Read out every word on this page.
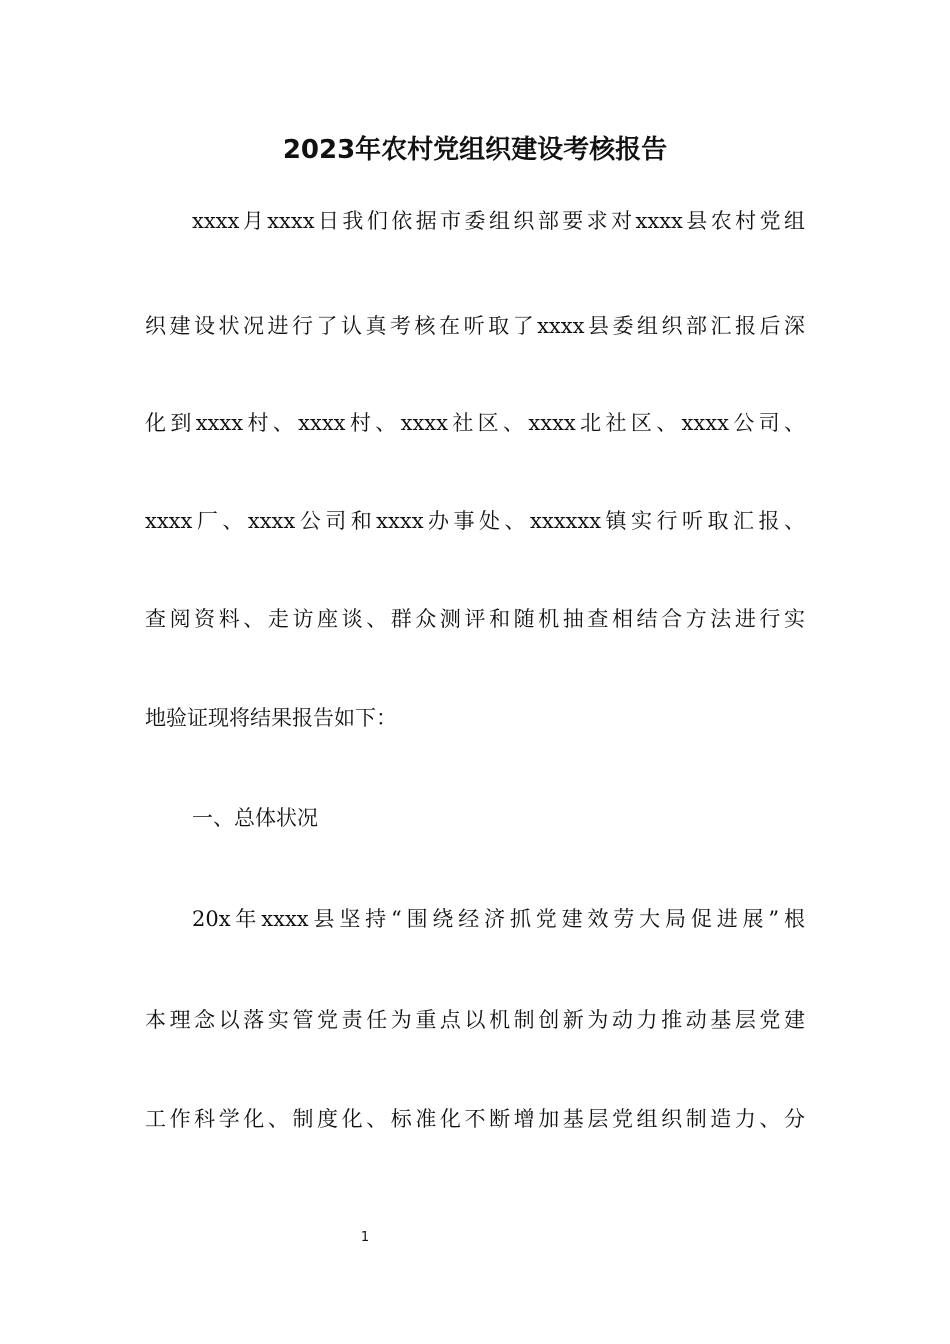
2023年农村党组织建设考核报告

xxxx月xxxx日我们依据市委组织部要求对xxxx县农村党组

织建设状况进行了认真考核在听取了xxxx县委组织部汇报后深

化到xxxx村、xxxx村、xxxx社区、xxxx北社区、xxxx公司、

xxxx厂、xxxx公司和xxxx办事处、xxxxxx镇实行听取汇报、

查阅资料、走访座谈、群众测评和随机抽查相结合方法进行实

地验证现将结果报告如下：

一、总体状况

20x年xxxx县坚持“围绕经济抓党建效劳大局促进展”根

本理念以落实管党责任为重点以机制创新为动力推动基层党建

工作科学化、制度化、标准化不断增加基层党组织制造力、分

1
